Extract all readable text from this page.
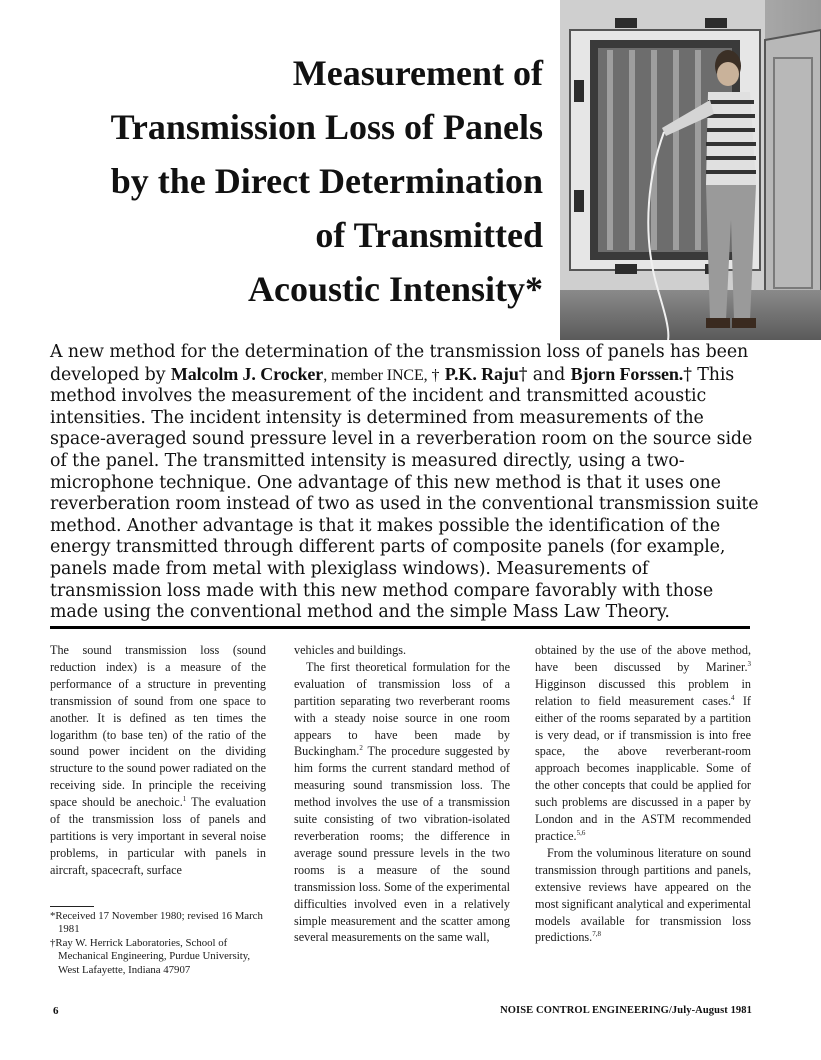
Measurement of
Transmission Loss of Panels
by the Direct Determination
of Transmitted
Acoustic Intensity*

A new method for the determination of the transmission loss of panels has been developed by Malcolm J. Crocker, member INCE, † P.K. Raju† and Bjorn Forssen.† This method involves the measurement of the incident and transmitted acoustic intensities. The incident intensity is determined from measurements of the space-averaged sound pressure level in a reverberation room on the source side of the panel. The transmitted intensity is measured directly, using a two-microphone technique. One advantage of this new method is that it uses one reverberation room instead of two as used in the conventional transmission suite method. Another advantage is that it makes possible the identification of the energy transmitted through different parts of composite panels (for example, panels made from metal with plexiglass windows). Measurements of transmission loss made with this new method compare favorably with those made using the conventional method and the simple Mass Law Theory.

The sound transmission loss (sound reduction index) is a measure of the performance of a structure in preventing transmission of sound from one space to another. It is defined as ten times the logarithm (to base ten) of the ratio of the sound power incident on the dividing structure to the sound power radiated on the receiving side. In principle the receiving space should be anechoic.$^1$ The evaluation of the transmission loss of panels and partitions is very important in several noise problems, in particular with panels in aircraft, spacecraft, surface

vehicles and buildings.

The first theoretical formulation for the evaluation of transmission loss of a partition separating two reverberant rooms with a steady noise source in one room appears to have been made by Buckingham.$^2$ The procedure suggested by him forms the current standard method of measuring sound transmission loss. The method involves the use of a transmission suite consisting of two vibration-isolated reverberation rooms; the difference in average sound pressure levels in the two rooms is a measure of the sound transmission loss. Some of the experimental difficulties involved even in a relatively simple measurement and the scatter among several measurements on the same wall,

obtained by the use of the above method, have been discussed by Mariner.$^3$ Higginson discussed this problem in relation to field measurement cases.$^4$ If either of the rooms separated by a partition is very dead, or if transmission is into free space, the above reverberant-room approach becomes inapplicable. Some of the other concepts that could be applied for such problems are discussed in a paper by London and in the ASTM recommended practice.$^{5,6}$

From the voluminous literature on sound transmission through partitions and panels, extensive reviews have appeared on the most significant analytical and experimental models available for transmission loss predictions.$^{7,8}$

*Received 17 November 1980; revised 16 March 1981

†Ray W. Herrick Laboratories, School of Mechanical Engineering, Purdue University, West Lafayette, Indiana 47907

6	NOISE CONTROL ENGINEERING/July-August 1981
